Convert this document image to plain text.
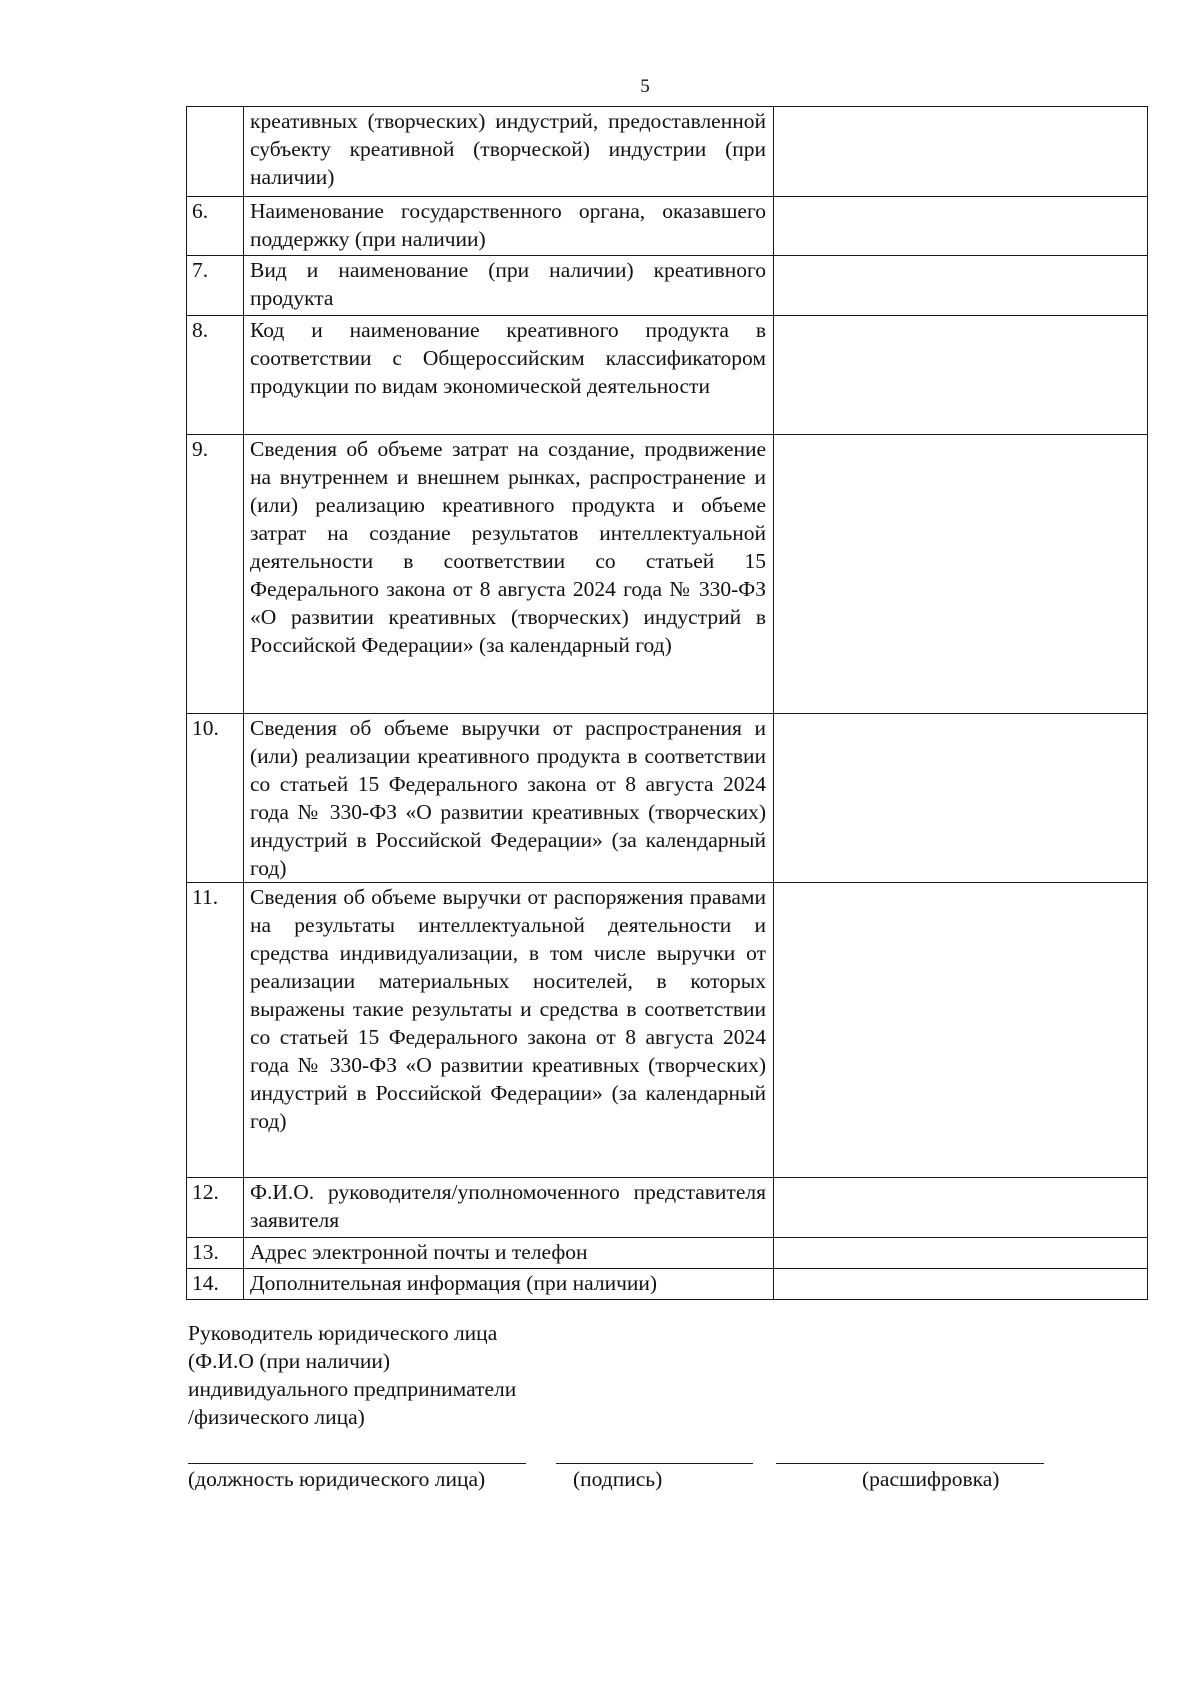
5
	креативных (творческих) индустрий, предоставленной субъекту креативной (творческой) индустрии (при наличии)	
6.	Наименование государственного органа, оказавшего поддержку (при наличии)	
7.	Вид и наименование (при наличии) креативного продукта	
8.	Код и наименование креативного продукта в соответствии с Общероссийским классификатором продукции по видам экономической деятельности	
9.	Сведения об объеме затрат на создание, продвижение на внутреннем и внешнем рынках, распространение и (или) реализацию креативного продукта и объеме затрат на создание результатов интеллектуальной деятельности в соответствии со статьей 15 Федерального закона от 8 августа 2024 года № 330-ФЗ «О развитии креативных (творческих) индустрий в Российской Федерации» (за календарный год)	
10.	Сведения об объеме выручки от распространения и (или) реализации креативного продукта в соответствии со статьей 15 Федерального закона от 8 августа 2024 года № 330-ФЗ «О развитии креативных (творческих) индустрий в Российской Федерации» (за календарный год)	
11.	Сведения об объеме выручки от распоряжения правами на результаты интеллектуальной деятельности и средства индивидуализации, в том числе выручки от реализации материальных носителей, в которых выражены такие результаты и средства в соответствии со статьей 15 Федерального закона от 8 августа 2024 года № 330-ФЗ «О развитии креативных (творческих) индустрий в Российской Федерации» (за календарный год)	
12.	Ф.И.О. руководителя/уполномоченного представителя заявителя	
13.	Адрес электронной почты и телефон	
14.	Дополнительная информация (при наличии)	
Руководитель юридического лица
(Ф.И.О (при наличии)
индивидуального предприниматели
/физического лица)
(должность юридического лица)	(подпись)	(расшифровка)
